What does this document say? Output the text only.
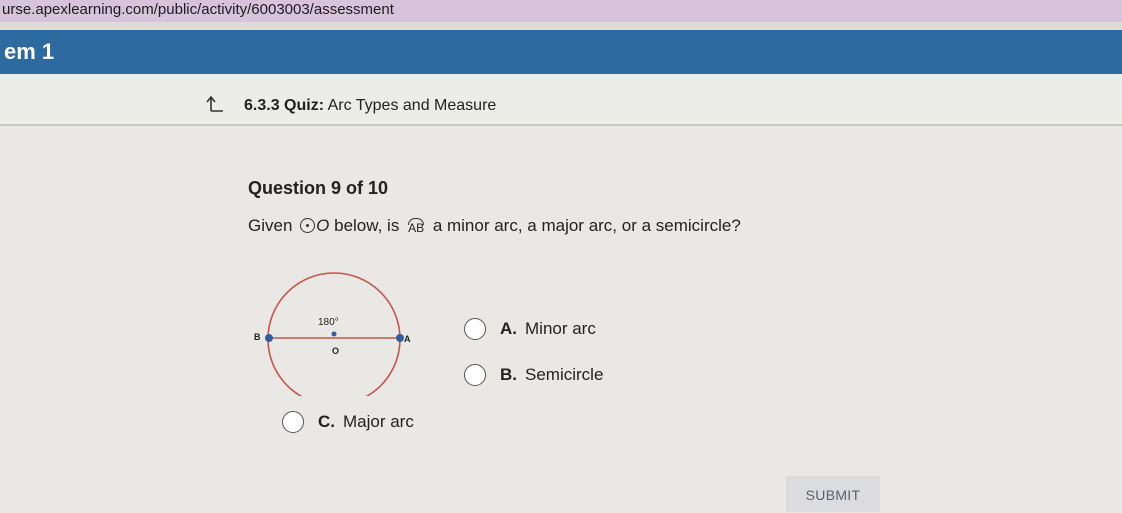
urse.apexlearning.com/public/activity/6003003/assessment
em 1
6.3.3 Quiz: Arc Types and Measure
Question 9 of 10
Given O below, is AB a minor arc, a major arc, or a semicircle?
180°
B	A
O
A. Minor arc
B. Semicircle
C. Major arc
SUBMIT
